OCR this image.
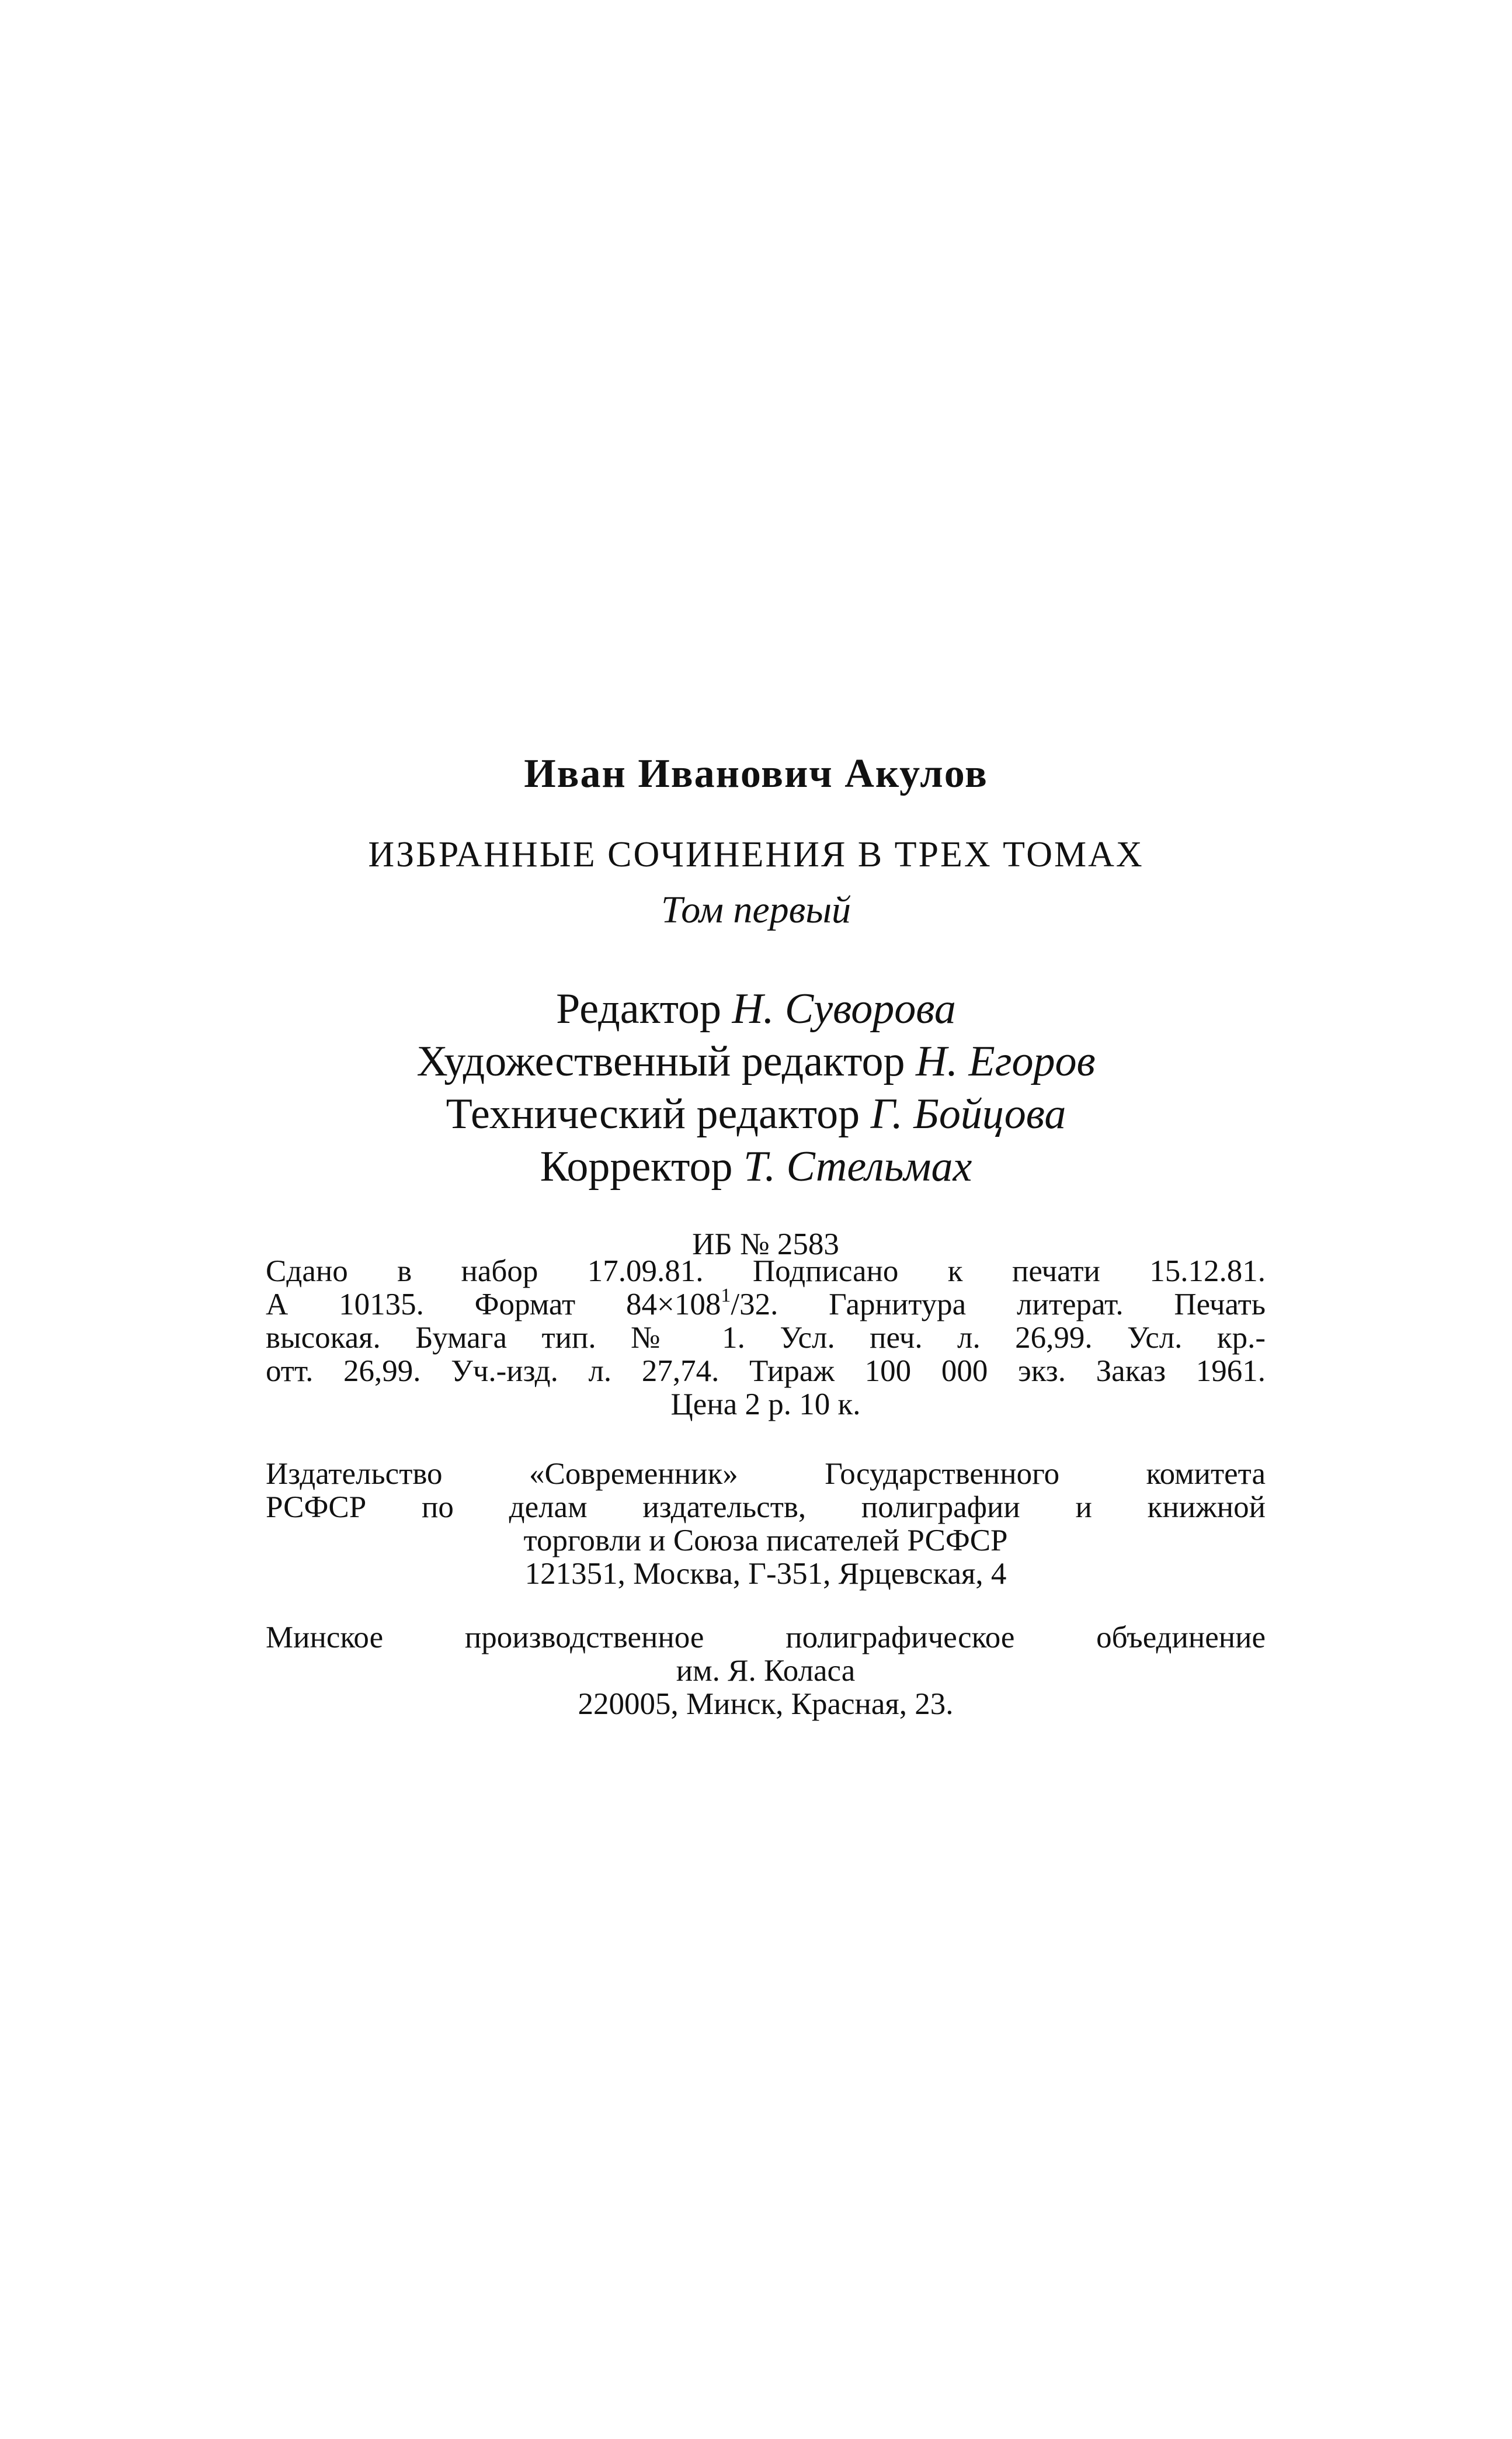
Иван Иванович Акулов
ИЗБРАННЫЕ СОЧИНЕНИЯ В ТРЕХ ТОМАХ
Том первый
Редактор Н. Суворова
Художественный редактор Н. Егоров
Технический редактор Г. Бойцова
Корректор Т. Стельмах
ИБ № 2583
Сдано в набор 17.09.81. Подписано к печати 15.12.81.
А 10135. Формат $84\times 108^1/32$. Гарнитура литерат. Печать
высокая. Бумага тип. № 1. Усл. печ. л. 26,99. Усл. кр.-
отт. 26,99. Уч.-изд. л. 27,74. Тираж 100 000 экз. Заказ 1961.
Цена 2 р. 10 к.
Издательство «Современник» Государственного комитета
РСФСР по делам издательств, полиграфии и книжной
торговли и Союза писателей РСФСР
121351, Москва, Г-351, Ярцевская, 4
Минское производственное полиграфическое объединение
им. Я. Коласа
220005, Минск, Красная, 23.
